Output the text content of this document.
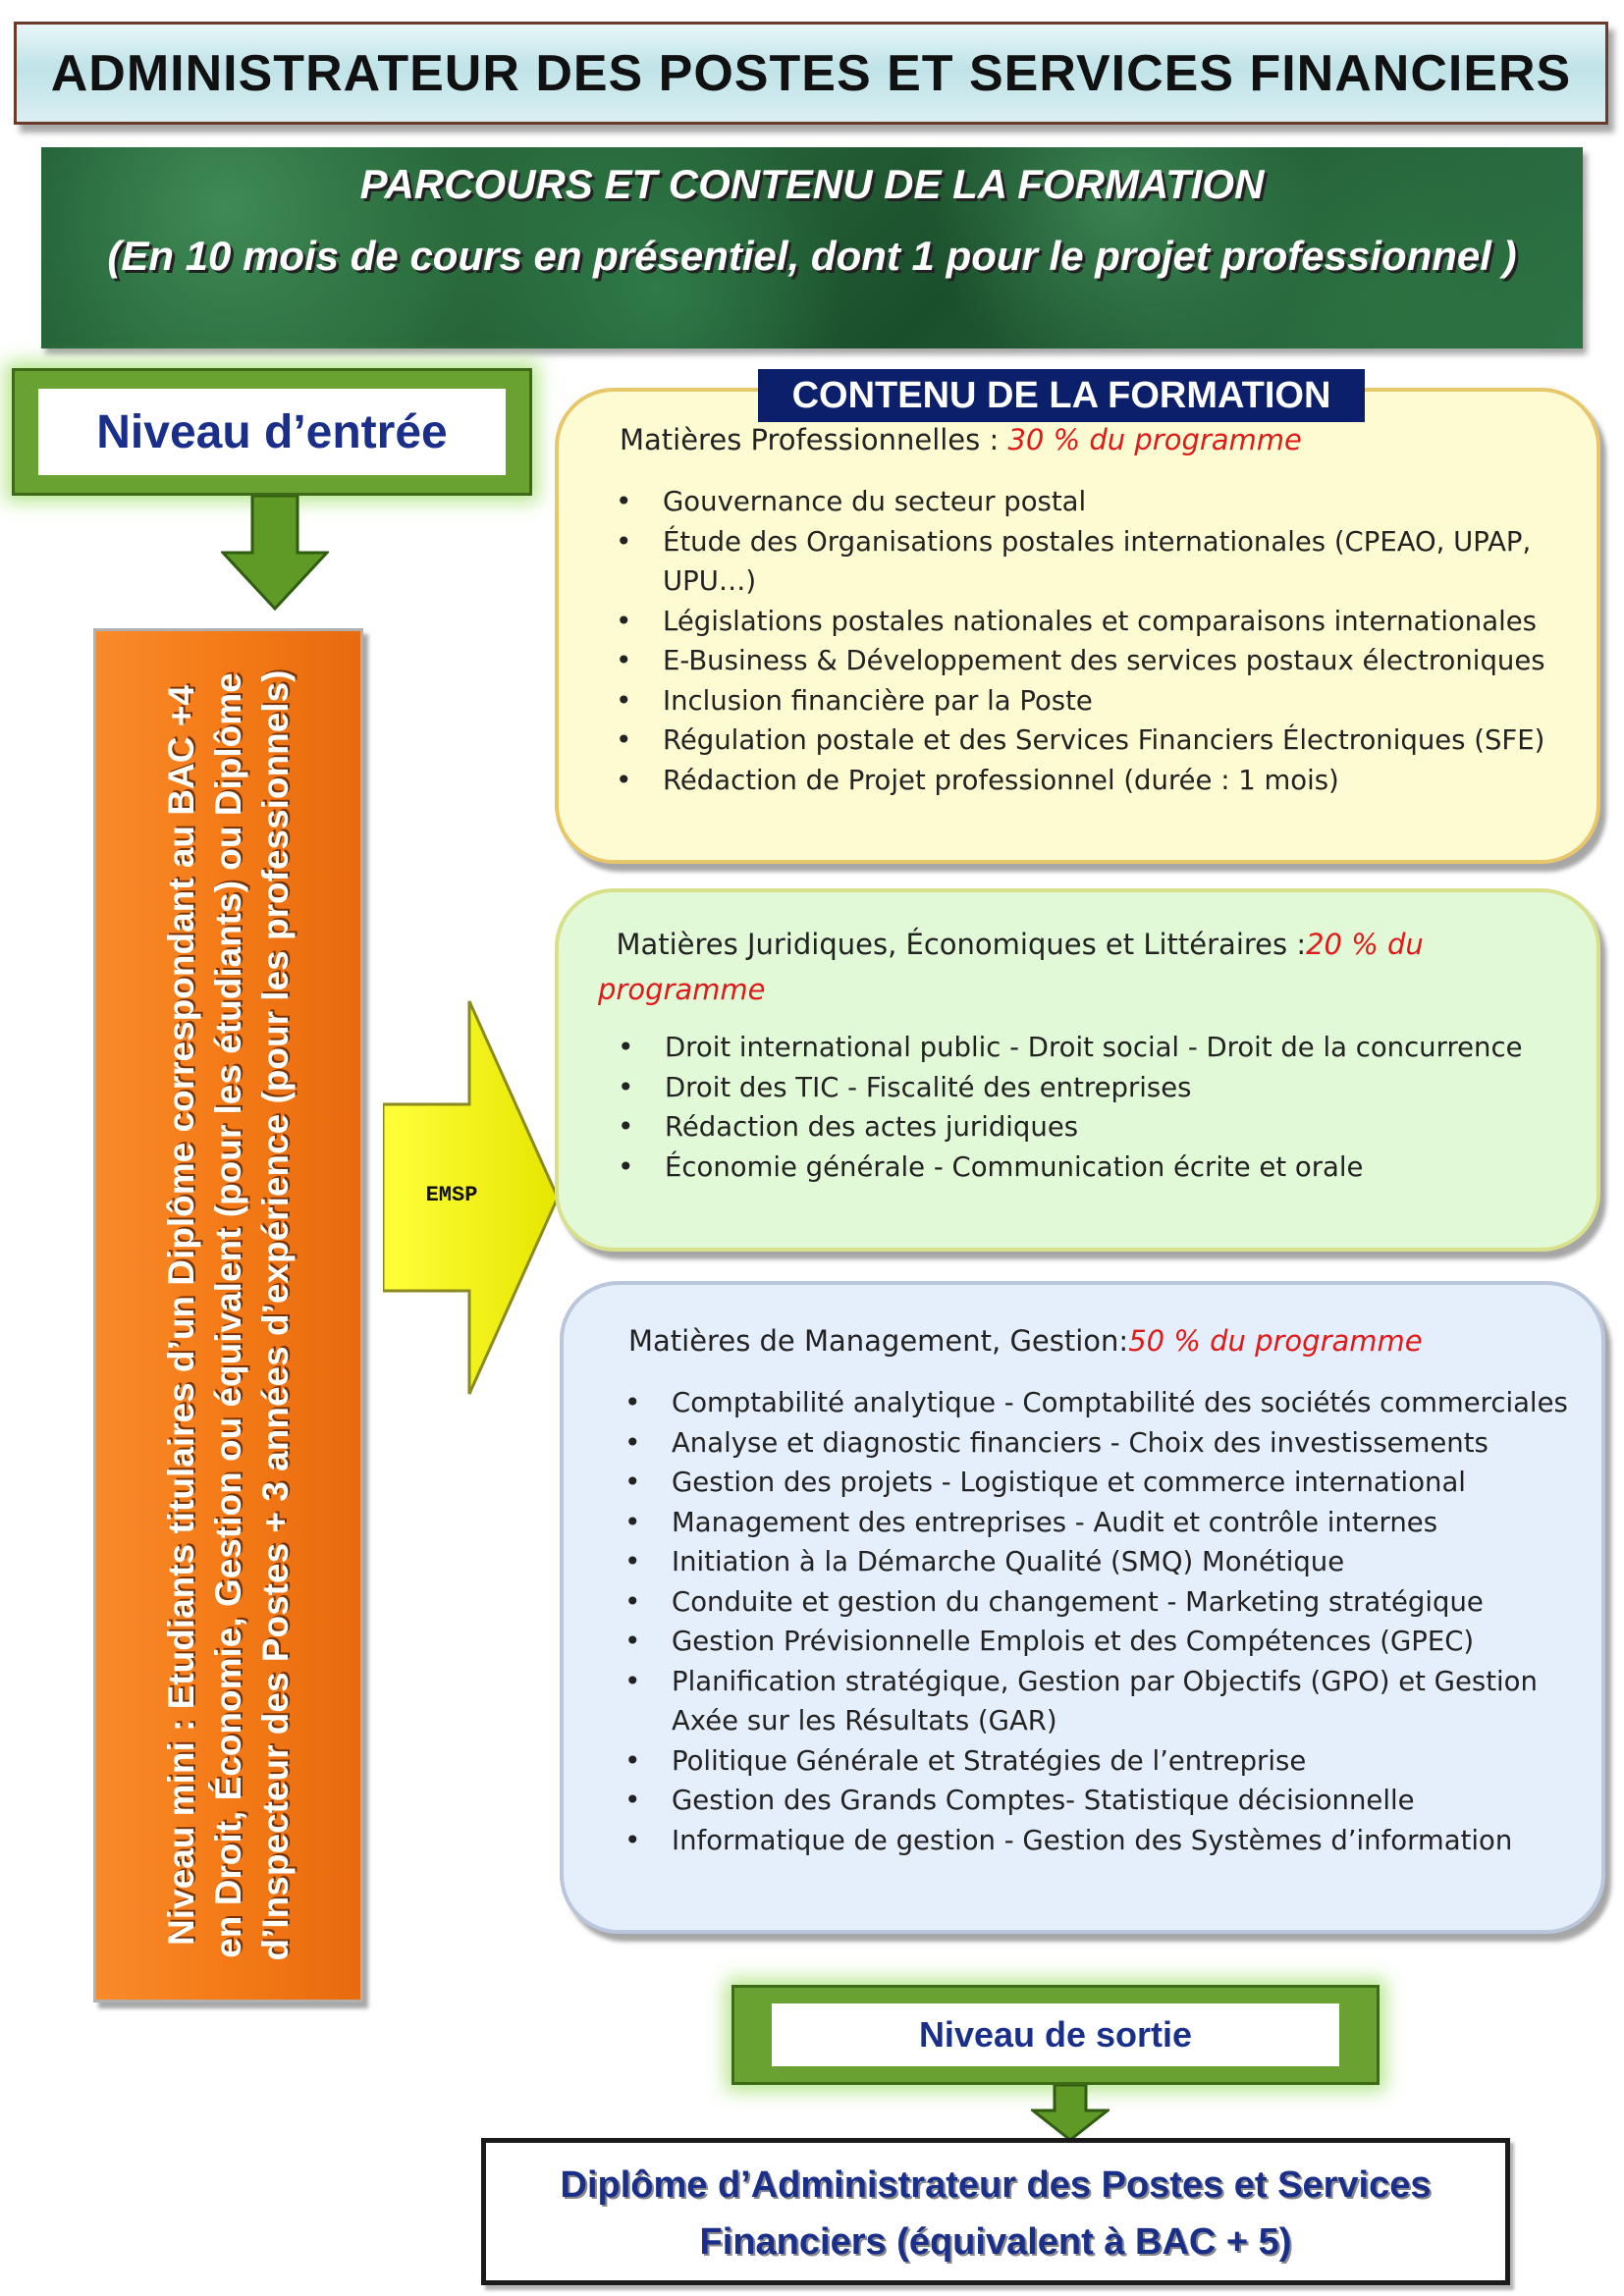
ADMINISTRATEUR DES POSTES ET SERVICES FINANCIERS
PARCOURS ET CONTENU DE LA FORMATION
(En 10 mois de cours en présentiel, dont 1 pour le projet professionnel )
Niveau d’entrée
Niveau mini : Etudiants titulaires d’un Diplôme correspondant au BAC +4 en Droit, Économie, Gestion ou équivalent (pour les étudiants) ou Diplôme d’Inspecteur des Postes + 3 années d’expérience (pour les professionnels)	EMSP
CONTENU DE LA FORMATION
Matières Professionnelles : 30 % du programme
• Gouvernance du secteur postal
• Étude des Organisations postales internationales (CPEAO, UPAP, UPU…)
• Législations postales nationales et comparaisons internationales
• E-Business & Développement des services postaux électroniques
• Inclusion financière par la Poste
• Régulation postale et des Services Financiers Électroniques (SFE)
• Rédaction de Projet professionnel (durée : 1 mois)
Matières Juridiques, Économiques et Littéraires :20 % du programme
• Droit international public - Droit social - Droit de la concurrence
• Droit des TIC - Fiscalité des entreprises
• Rédaction des actes juridiques
• Économie générale - Communication écrite et orale
Matières de Management, Gestion:50 % du programme
• Comptabilité analytique - Comptabilité des sociétés commerciales
• Analyse et diagnostic financiers - Choix des investissements
• Gestion des projets - Logistique et commerce international
• Management des entreprises - Audit et contrôle internes
• Initiation à la Démarche Qualité (SMQ) Monétique
• Conduite et gestion du changement - Marketing stratégique
• Gestion Prévisionnelle Emplois et des Compétences (GPEC)
• Planification stratégique, Gestion par Objectifs (GPO) et Gestion Axée sur les Résultats (GAR)
• Politique Générale et Stratégies de l’entreprise
• Gestion des Grands Comptes- Statistique décisionnelle
• Informatique de gestion - Gestion des Systèmes d’information
Niveau de sortie
Diplôme d’Administrateur des Postes et Services Financiers (équivalent à BAC + 5)
